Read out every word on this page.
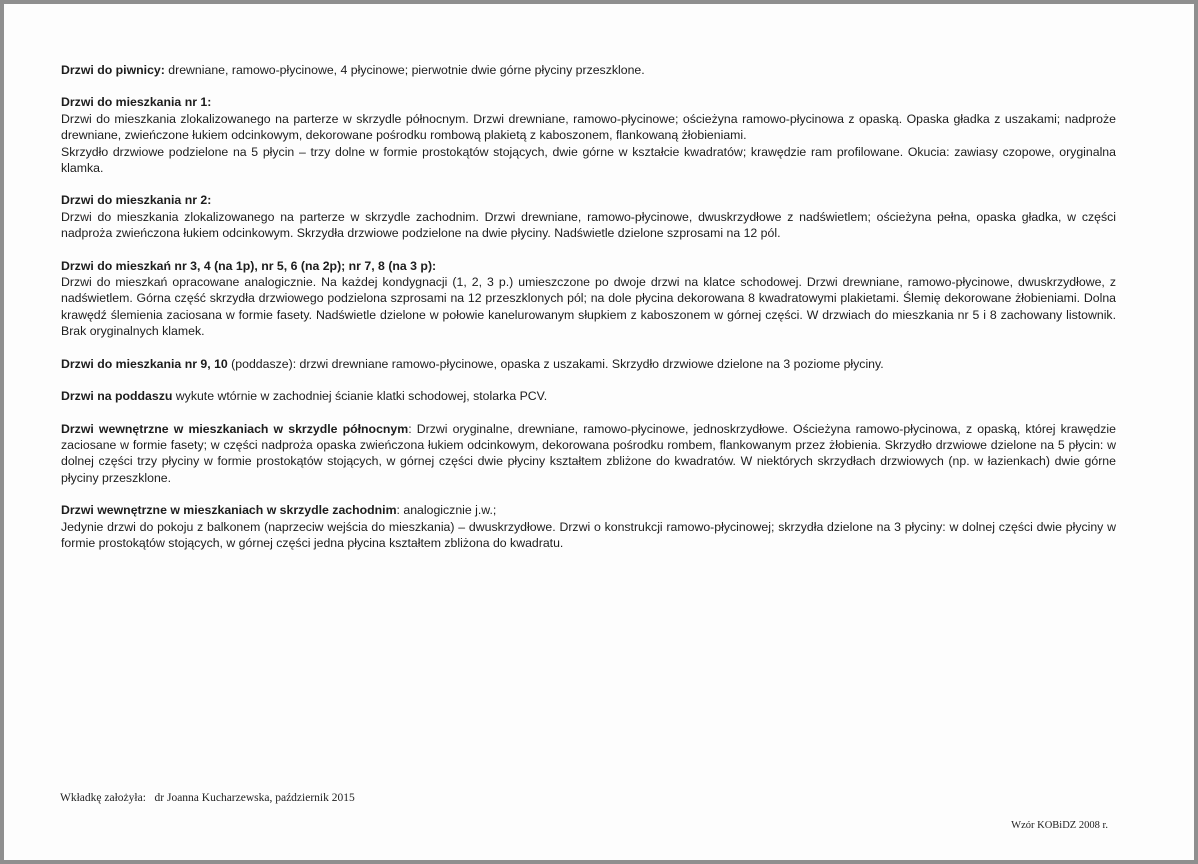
Drzwi do piwnicy: drewniane, ramowo-płycinowe, 4 płycinowe; pierwotnie dwie górne płyciny przeszklone.

Drzwi do mieszkania nr 1:

Drzwi do mieszkania zlokalizowanego na parterze w skrzydle północnym. Drzwi drewniane, ramowo-płycinowe; ościeżyna ramowo-płycinowa z opaską. Opaska gładka z uszakami; nadproże drewniane, zwieńczone łukiem odcinkowym, dekorowane pośrodku rombową plakietą z kaboszonem, flankowaną żłobieniami.

Skrzydło drzwiowe podzielone na 5 płycin – trzy dolne w formie prostokątów stojących, dwie górne w kształcie kwadratów; krawędzie ram profilowane. Okucia: zawiasy czopowe, oryginalna klamka.

Drzwi do mieszkania nr 2:

Drzwi do mieszkania zlokalizowanego na parterze w skrzydle zachodnim. Drzwi drewniane, ramowo-płycinowe, dwuskrzydłowe z nadświetlem; ościeżyna pełna, opaska gładka, w części nadproża zwieńczona łukiem odcinkowym. Skrzydła drzwiowe podzielone na dwie płyciny. Nadświetle dzielone szprosami na 12 pól.

Drzwi do mieszkań nr 3, 4 (na 1p), nr 5, 6 (na 2p); nr 7, 8 (na 3 p):

Drzwi do mieszkań opracowane analogicznie. Na każdej kondygnacji (1, 2, 3 p.) umieszczone po dwoje drzwi na klatce schodowej. Drzwi drewniane, ramowo-płycinowe, dwuskrzydłowe, z nadświetlem. Górna część skrzydła drzwiowego podzielona szprosami na 12 przeszklonych pól; na dole płycina dekorowana 8 kwadratowymi plakietami. Ślemię dekorowane żłobieniami. Dolna krawędź ślemienia zaciosana w formie fasety. Nadświetle dzielone w połowie kanelurowanym słupkiem z kaboszonem w górnej części. W drzwiach do mieszkania nr 5 i 8 zachowany listownik. Brak oryginalnych klamek.

Drzwi do mieszkania nr 9, 10 (poddasze): drzwi drewniane ramowo-płycinowe, opaska z uszakami. Skrzydło drzwiowe dzielone na 3 poziome płyciny.

Drzwi na poddaszu wykute wtórnie w zachodniej ścianie klatki schodowej, stolarka PCV.

Drzwi wewnętrzne w mieszkaniach w skrzydle północnym: Drzwi oryginalne, drewniane, ramowo-płycinowe, jednoskrzydłowe. Ościeżyna ramowo-płycinowa, z opaską, której krawędzie zaciosane w formie fasety; w części nadproża opaska zwieńczona łukiem odcinkowym, dekorowana pośrodku rombem, flankowanym przez żłobienia. Skrzydło drzwiowe dzielone na 5 płycin: w dolnej części trzy płyciny w formie prostokątów stojących, w górnej części dwie płyciny kształtem zbliżone do kwadratów. W niektórych skrzydłach drzwiowych (np. w łazienkach) dwie górne płyciny przeszklone.

Drzwi wewnętrzne w mieszkaniach w skrzydle zachodnim: analogicznie j.w.;

Jedynie drzwi do pokoju z balkonem (naprzeciw wejścia do mieszkania) – dwuskrzydłowe. Drzwi o konstrukcji ramowo-płycinowej; skrzydła dzielone na 3 płyciny: w dolnej części dwie płyciny w formie prostokątów stojących, w górnej części jedna płycina kształtem zbliżona do kwadratu.

Wkładkę założyła: dr Joanna Kucharzewska, październik 2015
Wzór KOBiDZ 2008 r.
